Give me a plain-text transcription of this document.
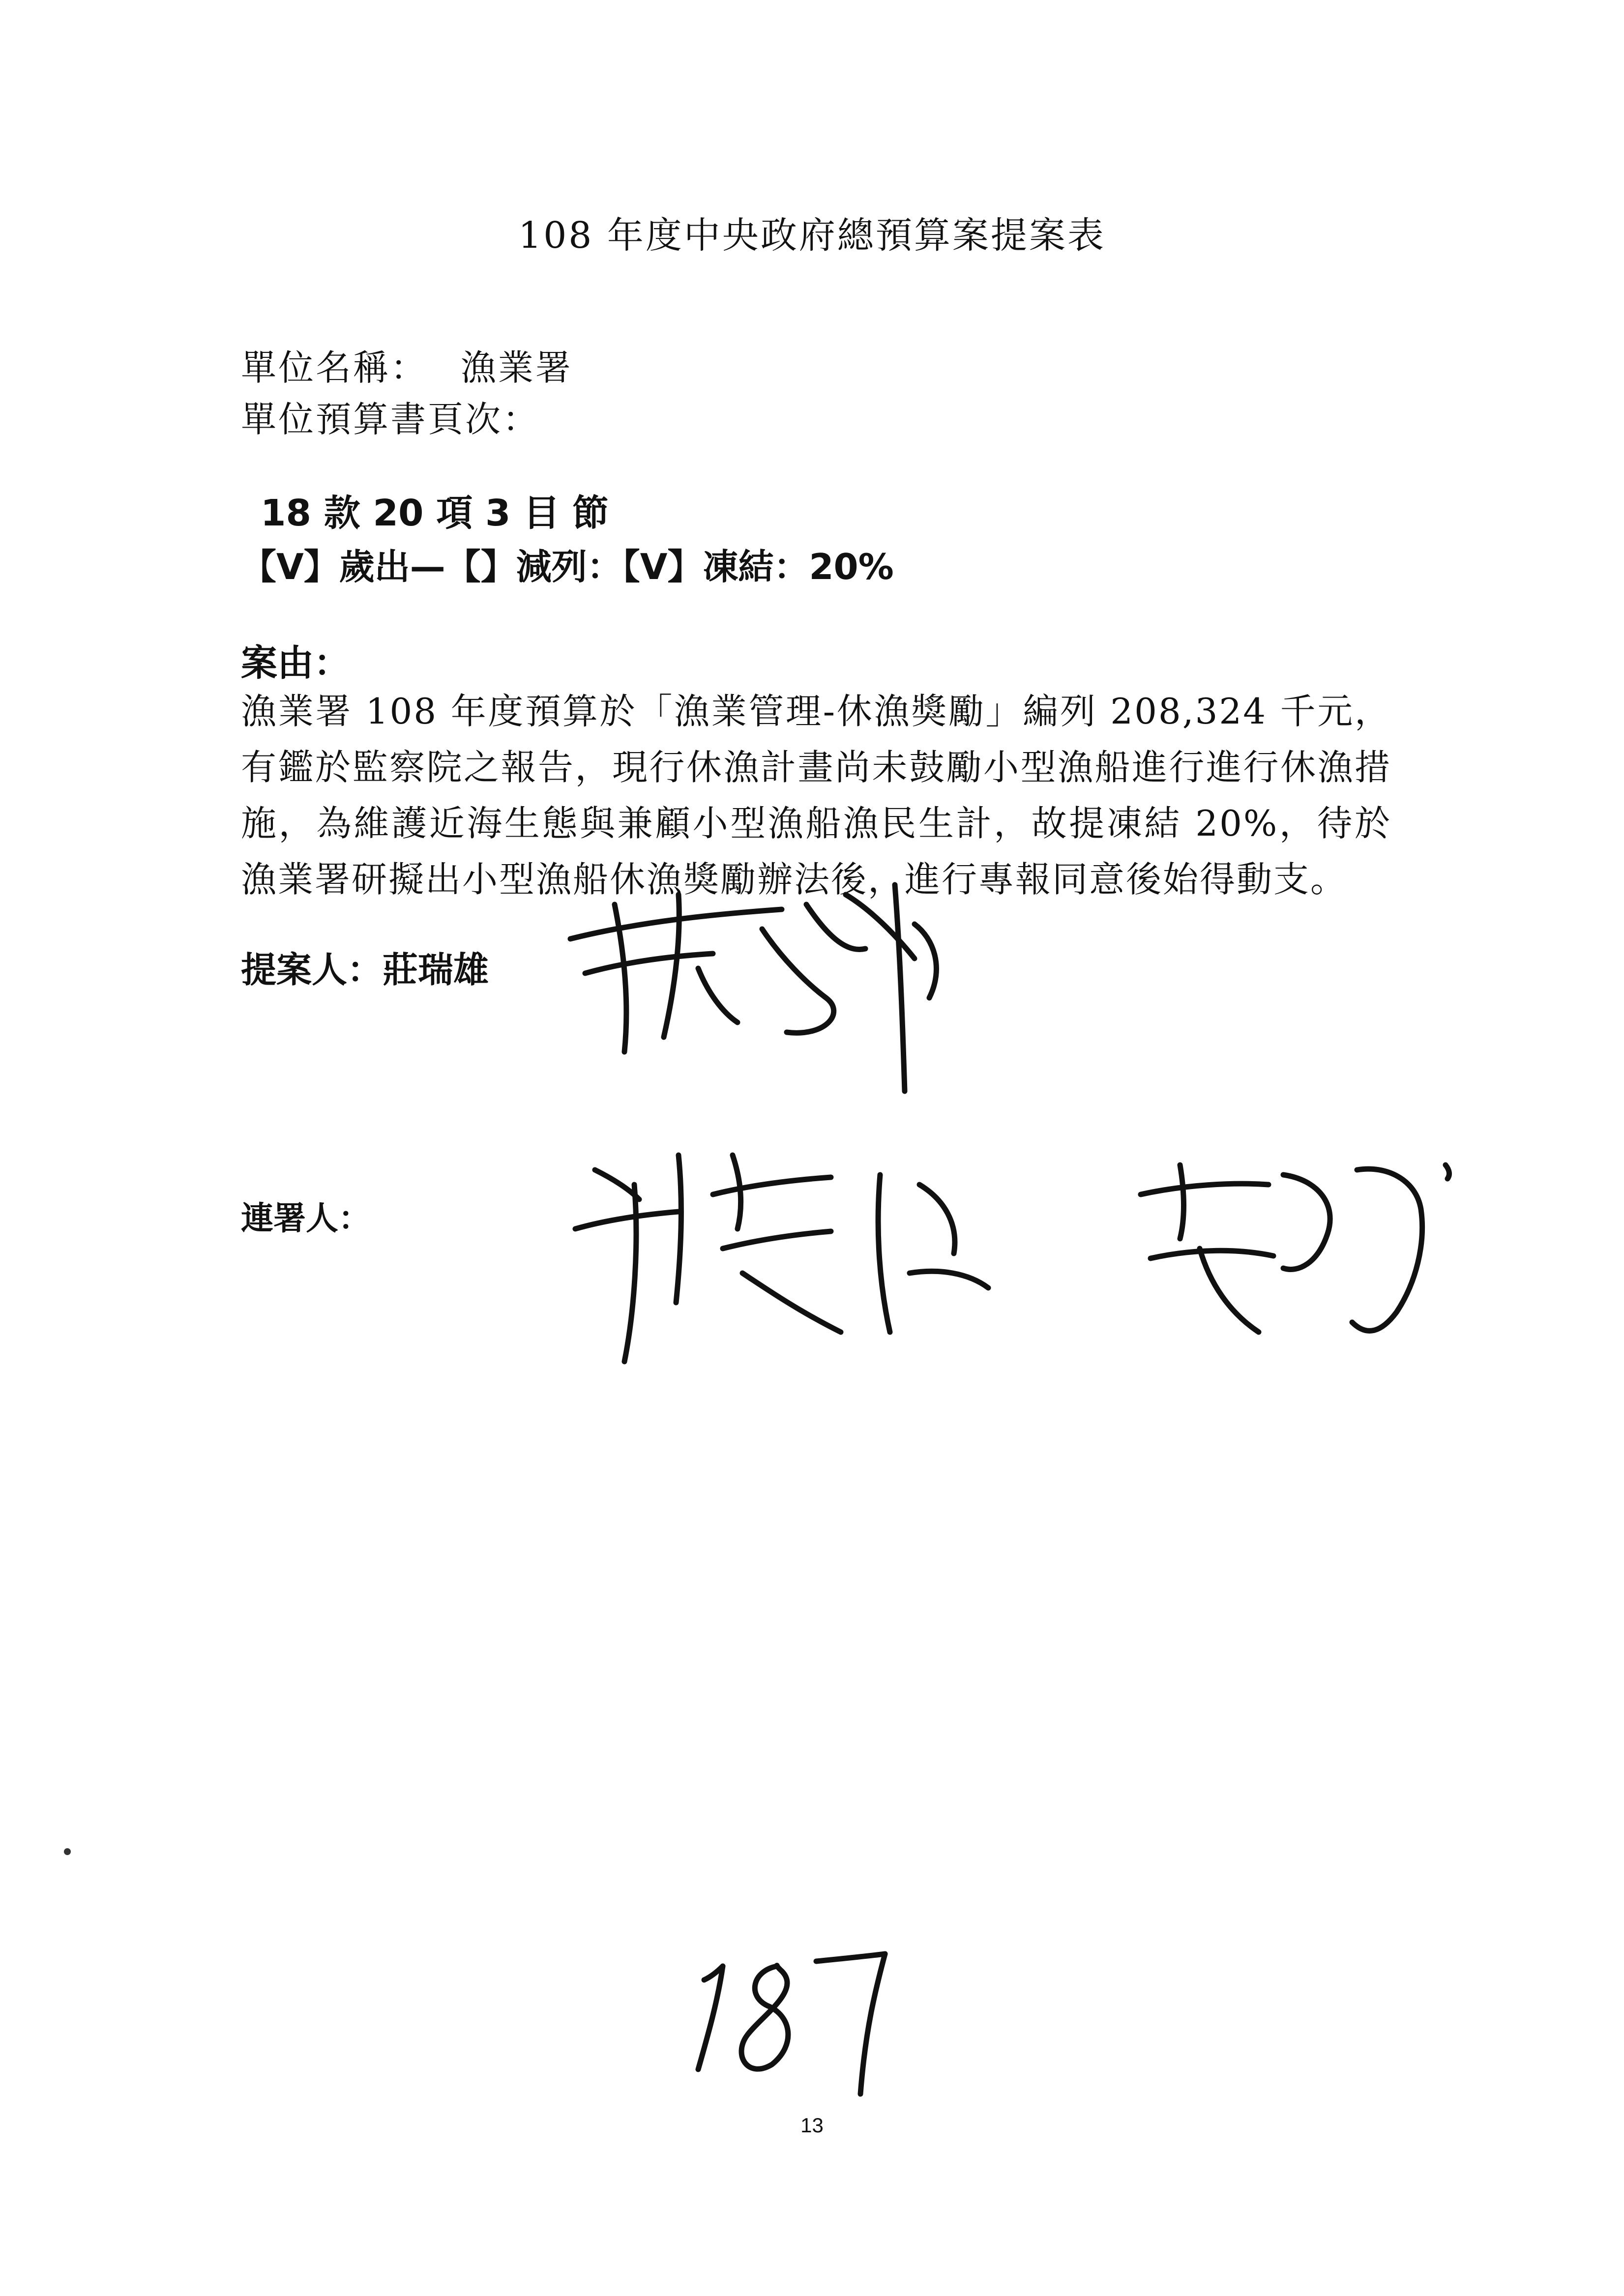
108 年度中央政府總預算案提案表
單位名稱： 漁業署
單位預算書頁次：
18 款 20 項 3 目 節
【V】歲出—【】減列：【V】凍結：20%
案由：
漁業署 108 年度預算於「漁業管理-休漁獎勵」編列 208,324 千元，有鑑於監察院之報告，現行休漁計畫尚未鼓勵小型漁船進行進行休漁措施，為維護近海生態與兼顧小型漁船漁民生計，故提凍結 20%，待於漁業署研擬出小型漁船休漁獎勵辦法後，進行專報同意後始得動支。
提案人：莊瑞雄
連署人：
13
